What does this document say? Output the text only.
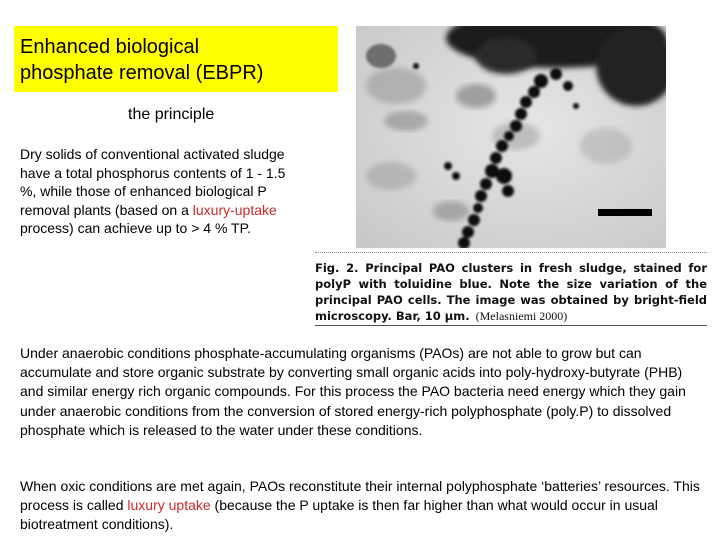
Enhanced biological
phosphate removal (EBPR)
the principle
Dry solids of conventional activated sludge have a total phosphorus contents of 1 - 1.5 %, while those of enhanced biological P removal plants (based on a luxury-uptake process) can achieve up to > 4 % TP.
Fig. 2. Principal PAO clusters in fresh sludge, stained for polyP with toluidine blue. Note the size variation of the principal PAO cells. The image was obtained by bright-field microscopy. Bar, 10 μm. (Melasniemi 2000)
Under anaerobic conditions phosphate-accumulating organisms (PAOs) are not able to grow but can accumulate and store organic substrate by converting small organic acids into poly-hydroxy-butyrate (PHB) and similar energy rich organic compounds. For this process the PAO bacteria need energy which they gain under anaerobic conditions from the conversion of stored energy-rich polyphosphate (poly.P) to dissolved phosphate which is released to the water under these conditions.
When oxic conditions are met again, PAOs reconstitute their internal polyphosphate ‘batteries’ resources. This process is called luxury uptake (because the P uptake is then far higher than what would occur in usual biotreatment conditions).
